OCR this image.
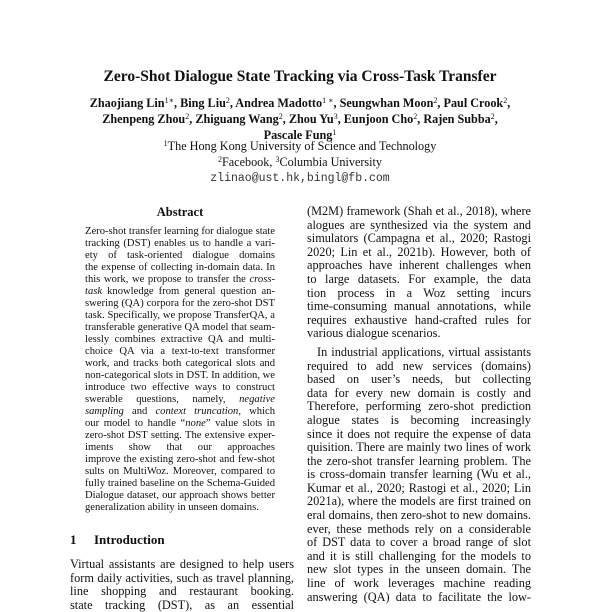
Zero-Shot Dialogue State Tracking via Cross-Task Transfer
Zhaojiang Lin$^{1∗}$, Bing Liu$^2$, Andrea Madotto$^{1 ∗}$, Seungwhan Moon$^2$, Paul Crook$^2$,
Zhenpeng Zhou$^2$, Zhiguang Wang$^2$, Zhou Yu$^3$, Eunjoon Cho$^2$, Rajen Subba$^2$,
Pascale Fung$^1$
$^1$The Hong Kong University of Science and Technology
$^2$Facebook, $^3$Columbia University
zlinao@ust.hk,bingl@fb.com
Abstract
Zero-shot transfer learning for dialogue state
tracking (DST) enables us to handle a vari-
ety of task-oriented dialogue domains
the expense of collecting in-domain data. In
this work, we propose to transfer the cross-
task knowledge from general question an-
swering (QA) corpora for the zero-shot DST
task. Specifically, we propose TransferQA, a
transferable generative QA model that seam-
lessly combines extractive QA and multi-
choice QA via a text-to-text transformer
work, and tracks both categorical slots and
non-categorical slots in DST. In addition, we
introduce two effective ways to construct
swerable questions, namely, negative
sampling and context truncation, which
our model to handle “none” value slots in
zero-shot DST setting. The extensive exper-
iments show that our approaches
improve the existing zero-shot and few-shot
sults on MultiWoz. Moreover, compared to
fully trained baseline on the Schema-Guided
Dialogue dataset, our approach shows better
generalization ability in unseen domains.
1 Introduction
Virtual assistants are designed to help users
form daily activities, such as travel planning,
line shopping and restaurant booking.
state tracking (DST), as an essential
(M2M) framework (Shah et al., 2018), where
alogues are synthesized via the system and
simulators (Campagna et al., 2020; Rastogi
2020; Lin et al., 2021b). However, both of
approaches have inherent challenges when
to large datasets. For example, the data
tion process in a Woz setting incurs
time-consuming manual annotations, while
requires exhaustive hand-crafted rules for
various dialogue scenarios.
In industrial applications, virtual assistants
required to add new services (domains)
based on user’s needs, but collecting
data for every new domain is costly and
Therefore, performing zero-shot prediction
alogue states is becoming increasingly
since it does not require the expense of data
quisition. There are mainly two lines of work
the zero-shot transfer learning problem. The
is cross-domain transfer learning (Wu et al.,
Kumar et al., 2020; Rastogi et al., 2020; Lin
2021a), where the models are first trained on
eral domains, then zero-shot to new domains.
ever, these methods rely on a considerable
of DST data to cover a broad range of slot
and it is still challenging for the models to
new slot types in the unseen domain. The
line of work leverages machine reading
answering (QA) data to facilitate the low-
